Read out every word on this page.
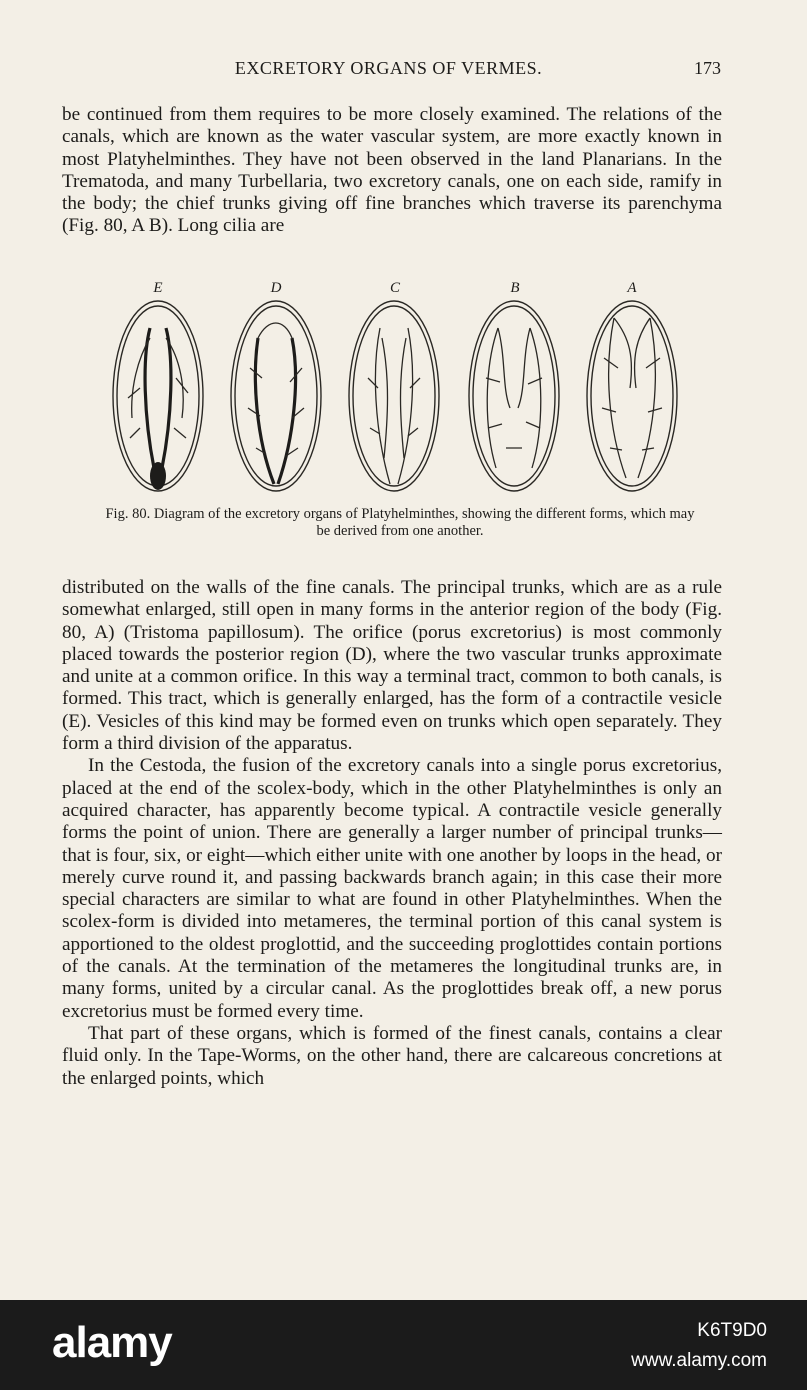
EXCRETORY ORGANS OF VERMES.	173

be continued from them requires to be more closely examined. The relations of the canals, which are known as the water vascular system, are more exactly known in most Platyhelminthes. They have not been observed in the land Planarians. In the Trematoda, and many Turbellaria, two excretory canals, one on each side, ramify in the body; the chief trunks giving off fine branches which traverse its parenchyma (Fig. 80, A B). Long cilia are

E	D	C	B	A
Fig. 80. Diagram of the excretory organs of Platyhelminthes, showing the different forms, which may be derived from one another.

distributed on the walls of the fine canals. The principal trunks, which are as a rule somewhat enlarged, still open in many forms in the anterior region of the body (Fig. 80, A) (Tristoma papillosum). The orifice (porus excretorius) is most commonly placed towards the posterior region (D), where the two vascular trunks approximate and unite at a common orifice. In this way a terminal tract, common to both canals, is formed. This tract, which is generally enlarged, has the form of a contractile vesicle (E). Vesicles of this kind may be formed even on trunks which open separately. They form a third division of the apparatus.

In the Cestoda, the fusion of the excretory canals into a single porus excretorius, placed at the end of the scolex-body, which in the other Platyhelminthes is only an acquired character, has apparently become typical. A contractile vesicle generally forms the point of union. There are generally a larger number of principal trunks—that is four, six, or eight—which either unite with one another by loops in the head, or merely curve round it, and passing backwards branch again; in this case their more special characters are similar to what are found in other Platyhelminthes. When the scolex-form is divided into metameres, the terminal portion of this canal system is apportioned to the oldest proglottid, and the succeeding proglottides contain portions of the canals. At the termination of the metameres the longitudinal trunks are, in many forms, united by a circular canal. As the proglottides break off, a new porus excretorius must be formed every time.

That part of these organs, which is formed of the finest canals, contains a clear fluid only. In the Tape-Worms, on the other hand, there are calcareous concretions at the enlarged points, which

alamy	K6T9D0
www.alamy.com
